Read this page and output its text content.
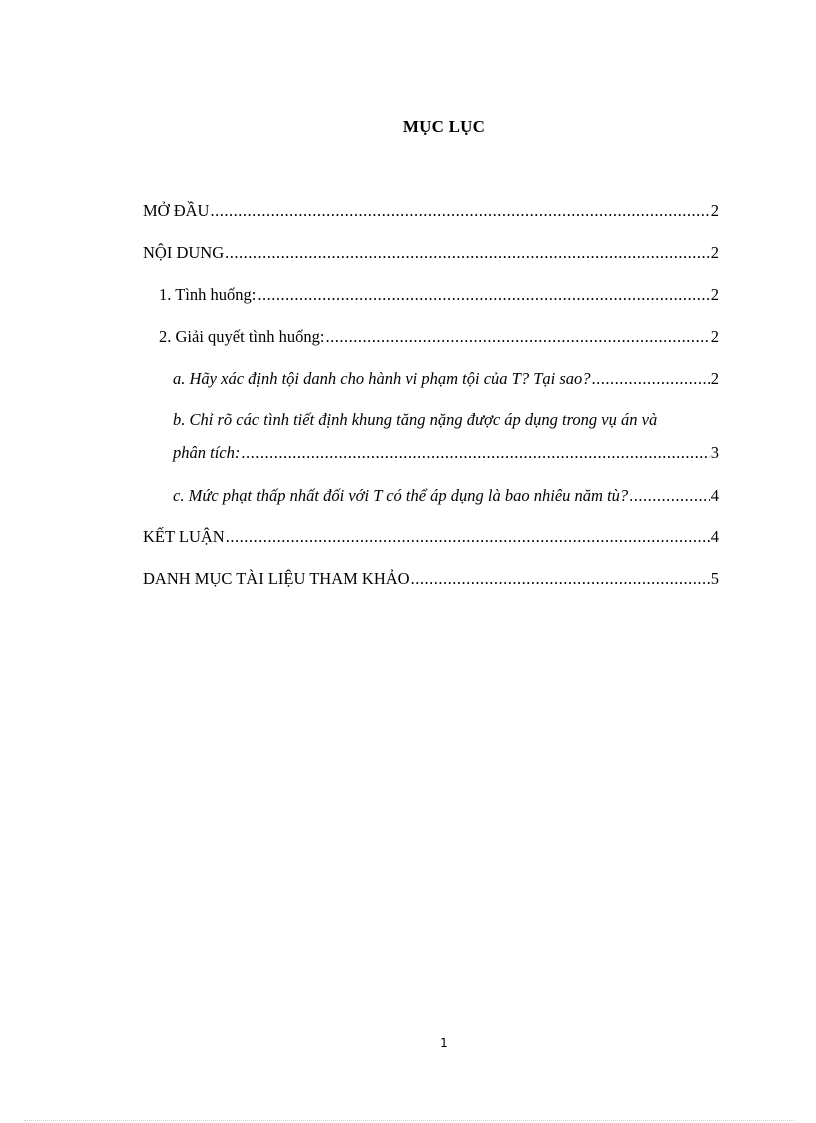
MỤC LỤC
MỞ ĐẦU .....	2
NỘI DUNG .....	2
1. Tình huống: .....	2
2. Giải quyết tình huống: .....	2
a. Hãy xác định tội danh cho hành vi phạm tội của T? Tại sao? .....	2
b. Chỉ rõ các tình tiết định khung tăng nặng được áp dụng trong vụ án và
phân tích: .....	3
c. Mức phạt thấp nhất đối với T có thể áp dụng là bao nhiêu năm tù? .....	4
KẾT LUẬN .....	4
DANH MỤC TÀI LIỆU THAM KHẢO .....	5
1
